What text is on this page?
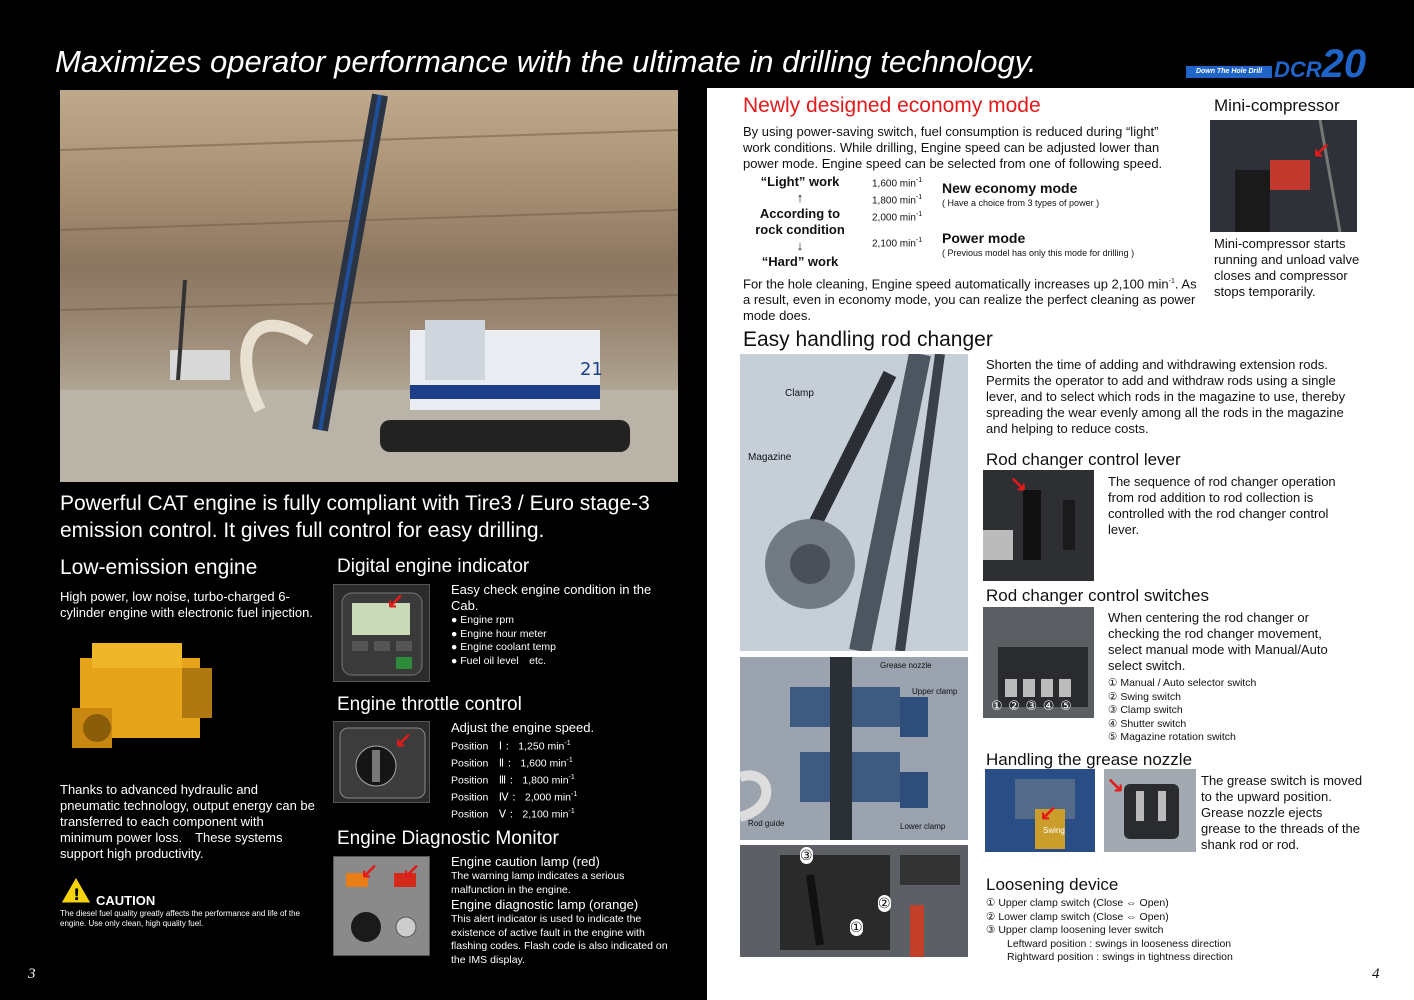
Maximizes operator performance with the ultimate in drilling technology.	Down The Hole Drill DCR20
21
Powerful CAT engine is fully compliant with Tire3 / Euro stage-3 emission control. It gives full control for easy drilling.
Low-emission engine
High power, low noise, turbo-charged 6-cylinder engine with electronic fuel injection.
Thanks to advanced hydraulic and pneumatic technology, output energy can be transferred to each component with minimum power loss.　These systems support high productivity.
! CAUTION
The diesel fuel quality greatly affects the performance and life of the engine. Use only clean, high quality fuel.
3
Digital engine indicator
↙	Easy check engine condition in the Cab.
● Engine rpm
● Engine hour meter
● Engine coolant temp
● Fuel oil level　etc.
Engine throttle control
↙
Adjust the engine speed.
Position　Ⅰ ： 1,250 $\min^{-1}$
Position　Ⅱ ： 1,600 $\min^{-1}$
Position　Ⅲ ： 1,800 $\min^{-1}$
Position　Ⅳ ： 2,000 $\min^{-1}$
Position　Ⅴ ： 2,100 $\min^{-1}$
Engine Diagnostic Monitor
↙ ↙ Engine caution lamp (red)
The warning lamp indicates a serious malfunction in the engine.
Engine diagnostic lamp (orange)
This alert indicator is used to indicate the existence of active fault in the engine with flashing codes. Flash code is also indicated on the IMS display.
Newly designed economy mode
By using power-saving switch, fuel consumption is reduced during “light” work conditions. While drilling, Engine speed can be adjusted lower than power mode. Engine speed can be selected from one of following speed.
“Light” work
↑
According to rock condition
↓
“Hard” work
1,600 $\min^{-1}$
1,800 $\min^{-1}$
2,000 $\min^{-1}$
2,100 $\min^{-1}$
New economy mode
( Have a choice from 3 types of power )
Power mode
( Previous model has only this mode for drilling )
For the hole cleaning, Engine speed automatically increases up 2,100 $\min^{-1}$. As a result, even in economy mode, you can realize the perfect cleaning as power mode does.
Mini-compressor
↙
Mini-compressor starts running and unload valve closes and compressor stops temporarily.
Easy handling rod changer
Clamp
Magazine
Shorten the time of adding and withdrawing extension rods. Permits the operator to add and withdraw rods using a single lever, and to select which rods in the magazine to use, thereby spreading the wear evenly among all the rods in the magazine and helping to reduce costs.
Grease nozzle
Upper clamp
Rod guide	Lower clamp
③
②
①
Rod changer control lever
↘	The sequence of rod changer operation from rod addition to rod collection is controlled with the rod changer control lever.
Rod changer control switches
① ② ③ ④ ⑤
When centering the rod changer or checking the rod changer movement, select manual mode with Manual/Auto select switch.
① Manual / Auto selector switch
② Swing switch
③ Clamp switch
④ Shutter switch
⑤ Magazine rotation switch
Handling the grease nozzle
Swing
↙
↘	The grease switch is moved to the upward position. Grease nozzle ejects grease to the threads of the shank rod or rod.
Loosening device
① Upper clamp switch (Close ⇔ Open)
② Lower clamp switch (Close ⇔ Open)
③ Upper clamp loosening lever switch
Leftward position : swings in looseness direction
Rightward position : swings in tightness direction
4
